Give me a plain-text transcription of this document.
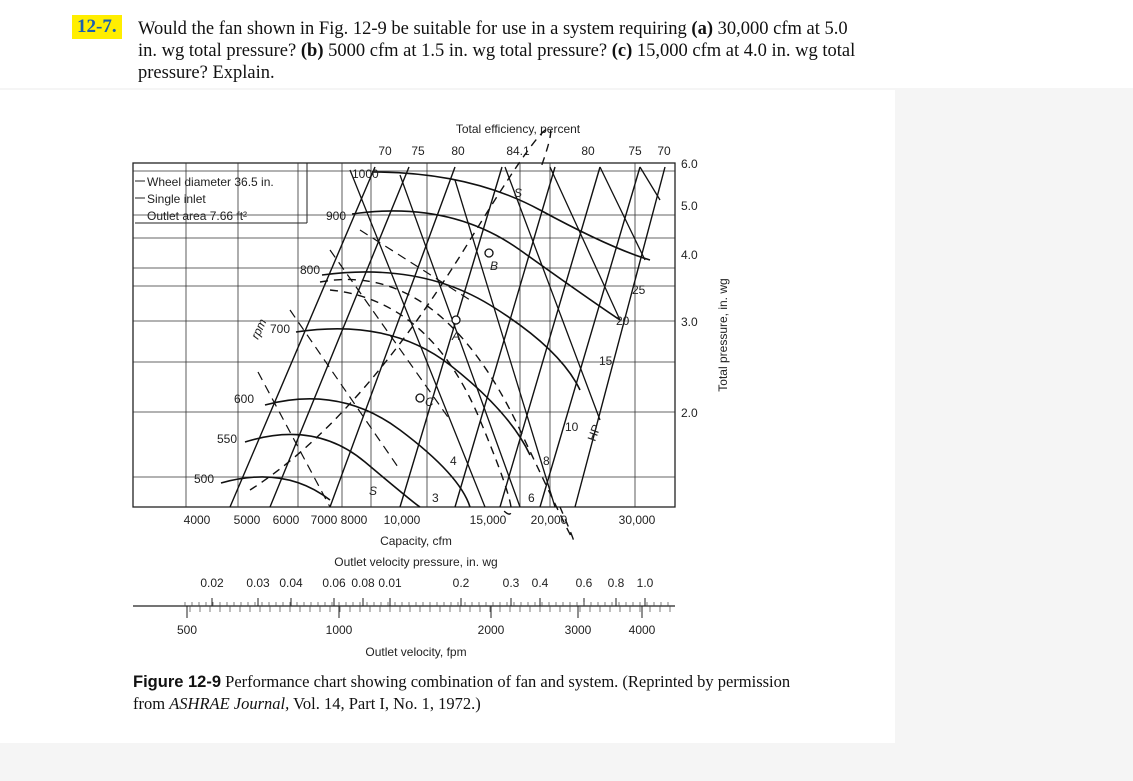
12-7. Would the fan shown in Fig. 12-9 be suitable for use in a system requiring (a) 30,000 cfm at 5.0 in. wg total pressure? (b) 5000 cfm at 1.5 in. wg total pressure? (c) 15,000 cfm at 4.0 in. wg total pressure? Explain.
Total efficiency, percent
Total pressure, in. wg
Capacity, cfm
Wheel diameter 36.5 in.
Single inlet
Outlet area 7.66 ft²
4000 5000 6000 7000 8000 10,000	15,000 20,000	30,000
6.0
5.0
4.0
3.0
2.0
70 75 80	84.1	80	75 70
1000
900
800
700
600
550
500
rpm
25
20
15
10
8
6
4
3
HP
A
B
C
S
S
Outlet velocity pressure, in. wg
Outlet velocity, fpm
0.02 0.03 0.04 0.06 0.08 0.01	0.2	0.3 0.4 0.6 0.8 1.0
500	1000	2000	3000	4000
Figure 12-9 Performance chart showing combination of fan and system. (Reprinted by permission from ASHRAE Journal, Vol. 14, Part I, No. 1, 1972.)
